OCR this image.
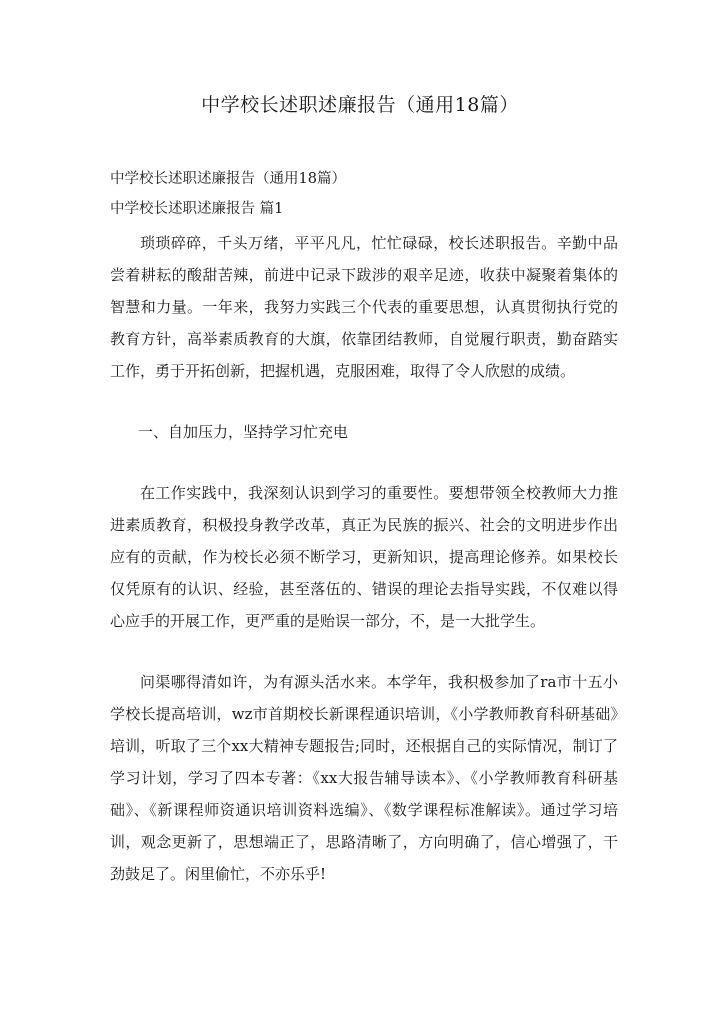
中学校长述职述廉报告（通用18篇）
中学校长述职述廉报告（通用18篇）
中学校长述职述廉报告 篇1

琐琐碎碎，千头万绪，平平凡凡，忙忙碌碌，校长述职报告。辛勤中品尝着耕耘的酸甜苦辣，前进中记录下跋涉的艰辛足迹，收获中凝聚着集体的智慧和力量。一年来，我努力实践三个代表的重要思想，认真贯彻执行党的教育方针，高举素质教育的大旗，依靠团结教师，自觉履行职责，勤奋踏实工作，勇于开拓创新，把握机遇，克服困难，取得了令人欣慰的成绩。

一、自加压力，坚持学习忙充电

在工作实践中，我深刻认识到学习的重要性。要想带领全校教师大力推进素质教育，积极投身教学改革，真正为民族的振兴、社会的文明进步作出应有的贡献，作为校长必须不断学习，更新知识，提高理论修养。如果校长仅凭原有的认识、经验，甚至落伍的、错误的理论去指导实践，不仅难以得心应手的开展工作，更严重的是贻误一部分，不，是一大批学生。

问渠哪得清如许，为有源头活水来。本学年，我积极参加了ra市十五小学校长提高培训，wz市首期校长新课程通识培训，《小学教师教育科研基础》培训，听取了三个xx大精神专题报告;同时，还根据自己的实际情况，制订了学习计划，学习了四本专著：《xx大报告辅导读本》、《小学教师教育科研基础》、《新课程师资通识培训资料选编》、《数学课程标准解读》。通过学习培训，观念更新了，思想端正了，思路清晰了，方向明确了，信心增强了，干劲鼓足了。闲里偷忙，不亦乐乎!
